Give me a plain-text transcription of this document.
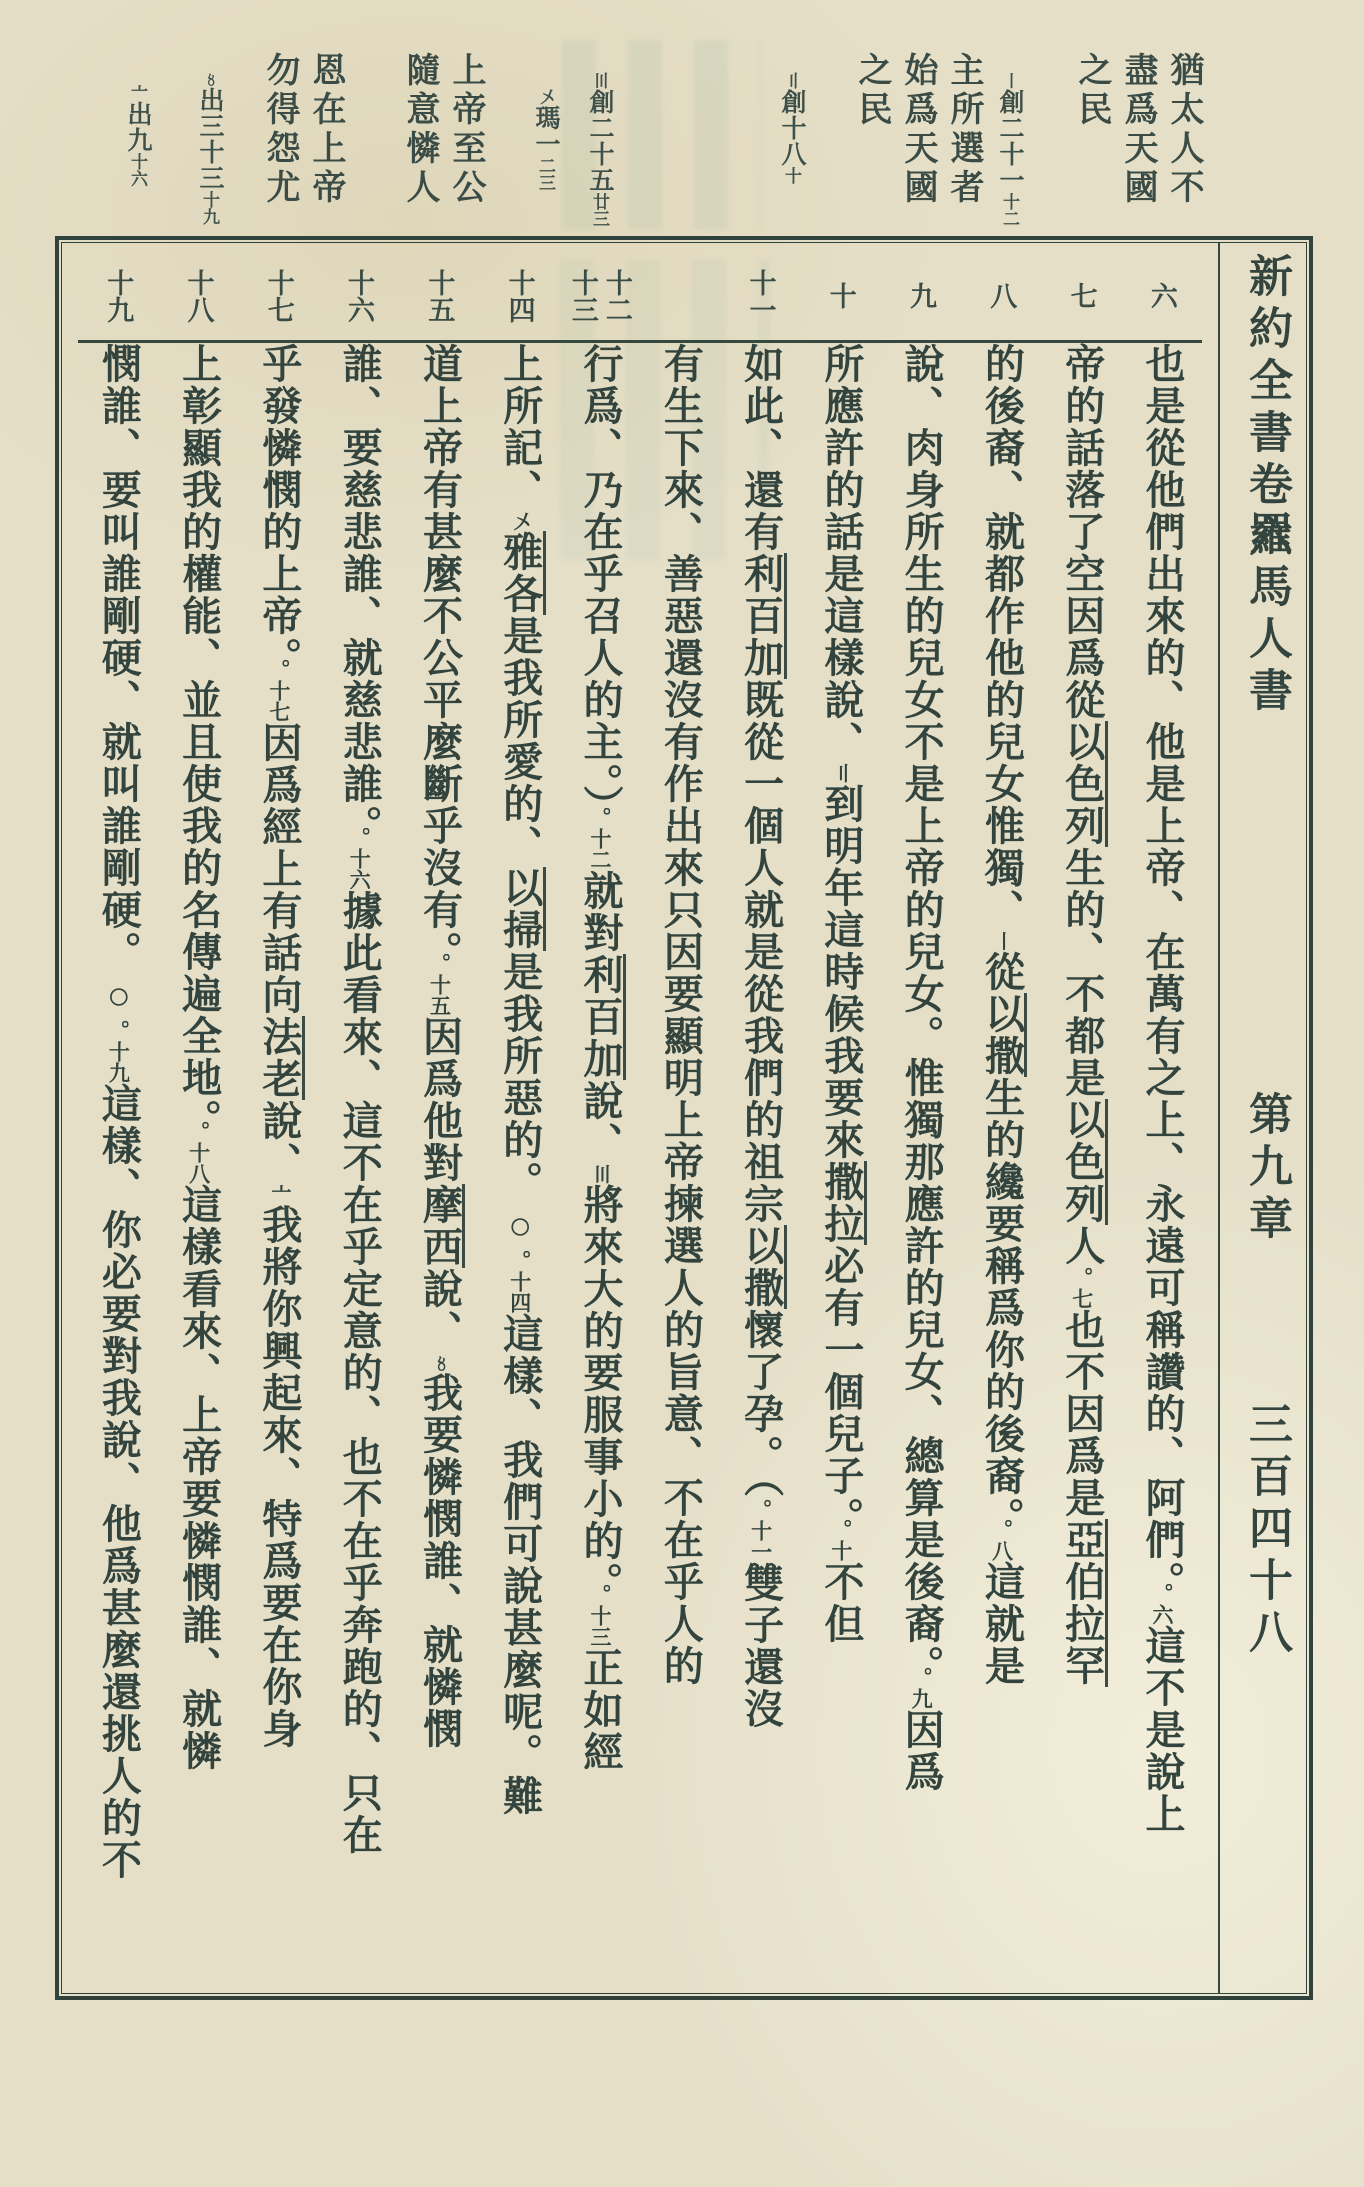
猶太人不盡爲天國之民
〡創二十一十二
主所選者始爲天國之民
〢創十八十
〣創二十五廿三
〤瑪一二三
上帝至公隨意憐人
恩在上帝勿得怨尤
〥出三十三十九
〦出九十六
新約全書卷六
羅馬人書
第九章
三百四十八
六
七
八
九
十
十一
十二
十三
十四
十五
十六
十七
十八
十九
也是從他們出來的、他是上帝、在萬有之上、永遠可稱讚的、阿們。。六這不是說上
帝的話落了空因爲從以色列生的、不都是以色列人。七也不因爲是亞伯拉罕
的後裔、就都作他的兒女惟獨、〡從以撒生的纔要稱爲你的後裔。。八這就是
說、肉身所生的兒女不是上帝的兒女。惟獨那應許的兒女、總算是後裔。。九因爲
所應許的話是這樣說、〢到明年這時候我要來撒拉必有一個兒子。。十不但
如此、還有利百加既從一個人就是從我們的祖宗以撒懷了孕。（。十一雙子還沒
有生下來、善惡還沒有作出來只因要顯明上帝揀選人的旨意、不在乎人的
行爲、乃在乎召人的主。）。十二就對利百加說、〣將來大的要服事小的。。十三正如經
上所記、〤雅各是我所愛的、以掃是我所惡的。○。十四這樣、我們可說甚麼呢。難
道上帝有甚麼不公平麼斷乎沒有。。十五因爲他對摩西說、〥我要憐憫誰、就憐憫
誰、要慈悲誰、就慈悲誰。。十六據此看來、這不在乎定意的、也不在乎奔跑的、只在
乎發憐憫的上帝。。十七因爲經上有話向法老說、〦我將你興起來、特爲要在你身
上彰顯我的權能、並且使我的名傳遍全地。。十八這樣看來、上帝要憐憫誰、就憐
憫誰、要叫誰剛硬、就叫誰剛硬。○。十九這樣、你必要對我說、他爲甚麼還挑人的不
